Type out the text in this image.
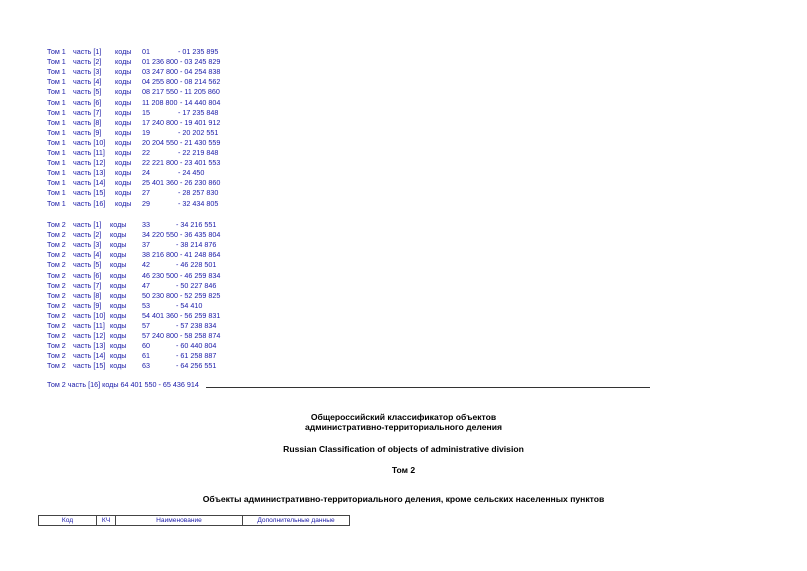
Том 1 часть [1] коды 01	- 01 235 895
Том 1 часть [2] коды 01 236 800 - 03 245 829
Том 1 часть [3] коды 03 247 800 - 04 254 838
Том 1 часть [4] коды 04 255 800 - 08 214 562
Том 1 часть [5] коды 08 217 550 - 11 205 860
Том 1 часть [6] коды 11 208 800 - 14 440 804
Том 1 часть [7] коды 15	- 17 235 848
Том 1 часть [8] коды 17 240 800 - 19 401 912
Том 1 часть [9] коды 19	- 20 202 551
Том 1 часть [10] коды 20 204 550 - 21 430 559
Том 1 часть [11] коды 22	- 22 219 848
Том 1 часть [12] коды 22 221 800 - 23 401 553
Том 1 часть [13] коды 24	- 24 450
Том 1 часть [14] коды 25 401 360 - 26 230 860
Том 1 часть [15] коды 27	- 28 257 830
Том 1 часть [16] коды 29	- 32 434 805
Том 2 часть [1] коды 33	- 34 216 551
Том 2 часть [2] коды 34 220 550 - 36 435 804
Том 2 часть [3] коды 37	- 38 214 876
Том 2 часть [4] коды 38 216 800 - 41 248 864
Том 2 часть [5] коды 42	- 46 228 501
Том 2 часть [6] коды 46 230 500 - 46 259 834
Том 2 часть [7] коды 47	- 50 227 846
Том 2 часть [8] коды 50 230 800 - 52 259 825
Том 2 часть [9] коды 53	- 54 410
Том 2 часть [10] коды 54 401 360 - 56 259 831
Том 2 часть [11] коды 57	- 57 238 834
Том 2 часть [12] коды 57 240 800 - 58 258 874
Том 2 часть [13] коды 60	- 60 440 804
Том 2 часть [14] коды 61	- 61 258 887
Том 2 часть [15] коды 63	- 64 256 551
Том 2 часть [16] коды 64 401 550 - 65 436 914
Общероссийский классификатор объектов
административно-территориального деления
Russian Classification of objects of administrative division
Том 2
Объекты административно-территориального деления, кроме сельских населенных пунктов
Код	КЧ	Наименование	Дополнительные данные
